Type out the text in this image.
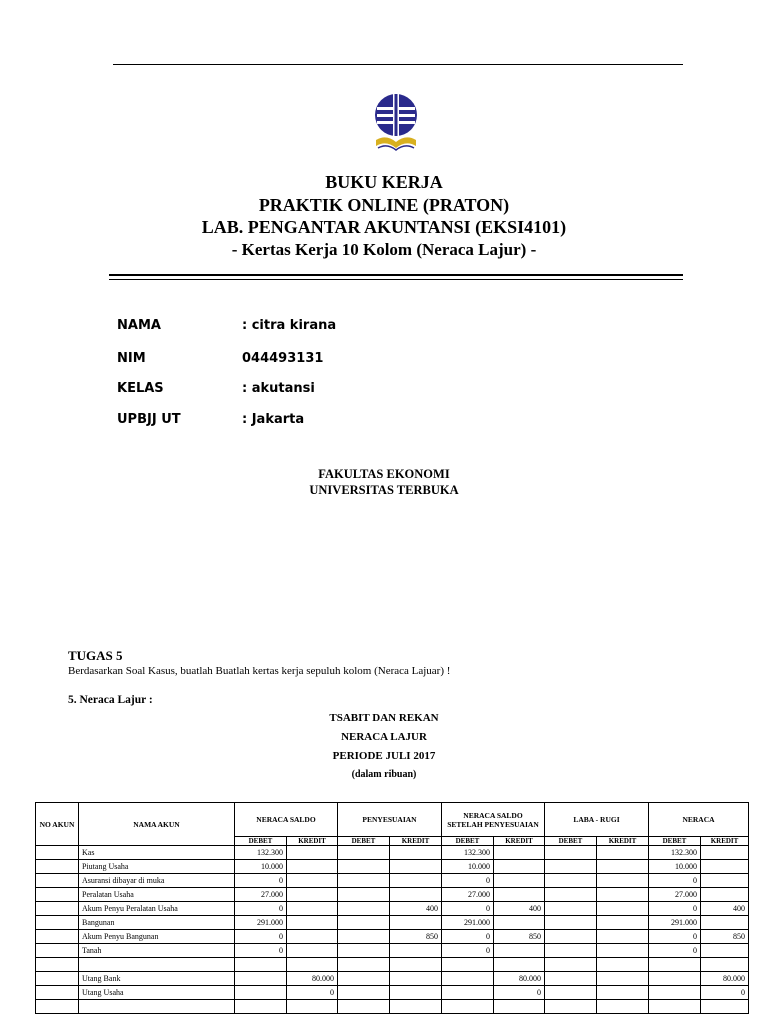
BUKU KERJA
PRAKTIK ONLINE (PRATON)
LAB. PENGANTAR AKUNTANSI (EKSI4101)
- Kertas Kerja 10 Kolom (Neraca Lajur) -
NAMA	: citra kirana
NIM	044493131
KELAS	: akutansi
UPBJJ UT	: Jakarta
FAKULTAS EKONOMI
UNIVERSITAS TERBUKA
TUGAS 5
Berdasarkan Soal Kasus, buatlah Buatlah kertas kerja sepuluh kolom (Neraca Lajuar) !
5. Neraca Lajur :
TSABIT DAN REKAN
NERACA LAJUR
PERIODE JULI 2017
(dalam ribuan)
NO AKUN	NAMA AKUN	NERACA SALDO		PENYESUAIAN		NERACA SALDO SETELAH PENYESUAIAN		LABA - RUGI		NERACA	
		DEBET	KREDIT	DEBET	KREDIT	DEBET	KREDIT	DEBET	KREDIT	DEBET	KREDIT
	Kas	132.300				132.300				132.300	
	Piutang Usaha	10.000				10.000				10.000	
	Asuransi dibayar di muka	0				0				0	
	Peralatan Usaha	27.000				27.000				27.000	
	Akum Penyu Peralatan Usaha	0			400	0	400			0	400
	Bangunan	291.000				291.000				291.000	
	Akum Penyu Bangunan	0			850	0	850			0	850
	Tanah	0				0				0	

	Utang Bank		80.000				80.000				80.000
	Utang Usaha		0				0				0
